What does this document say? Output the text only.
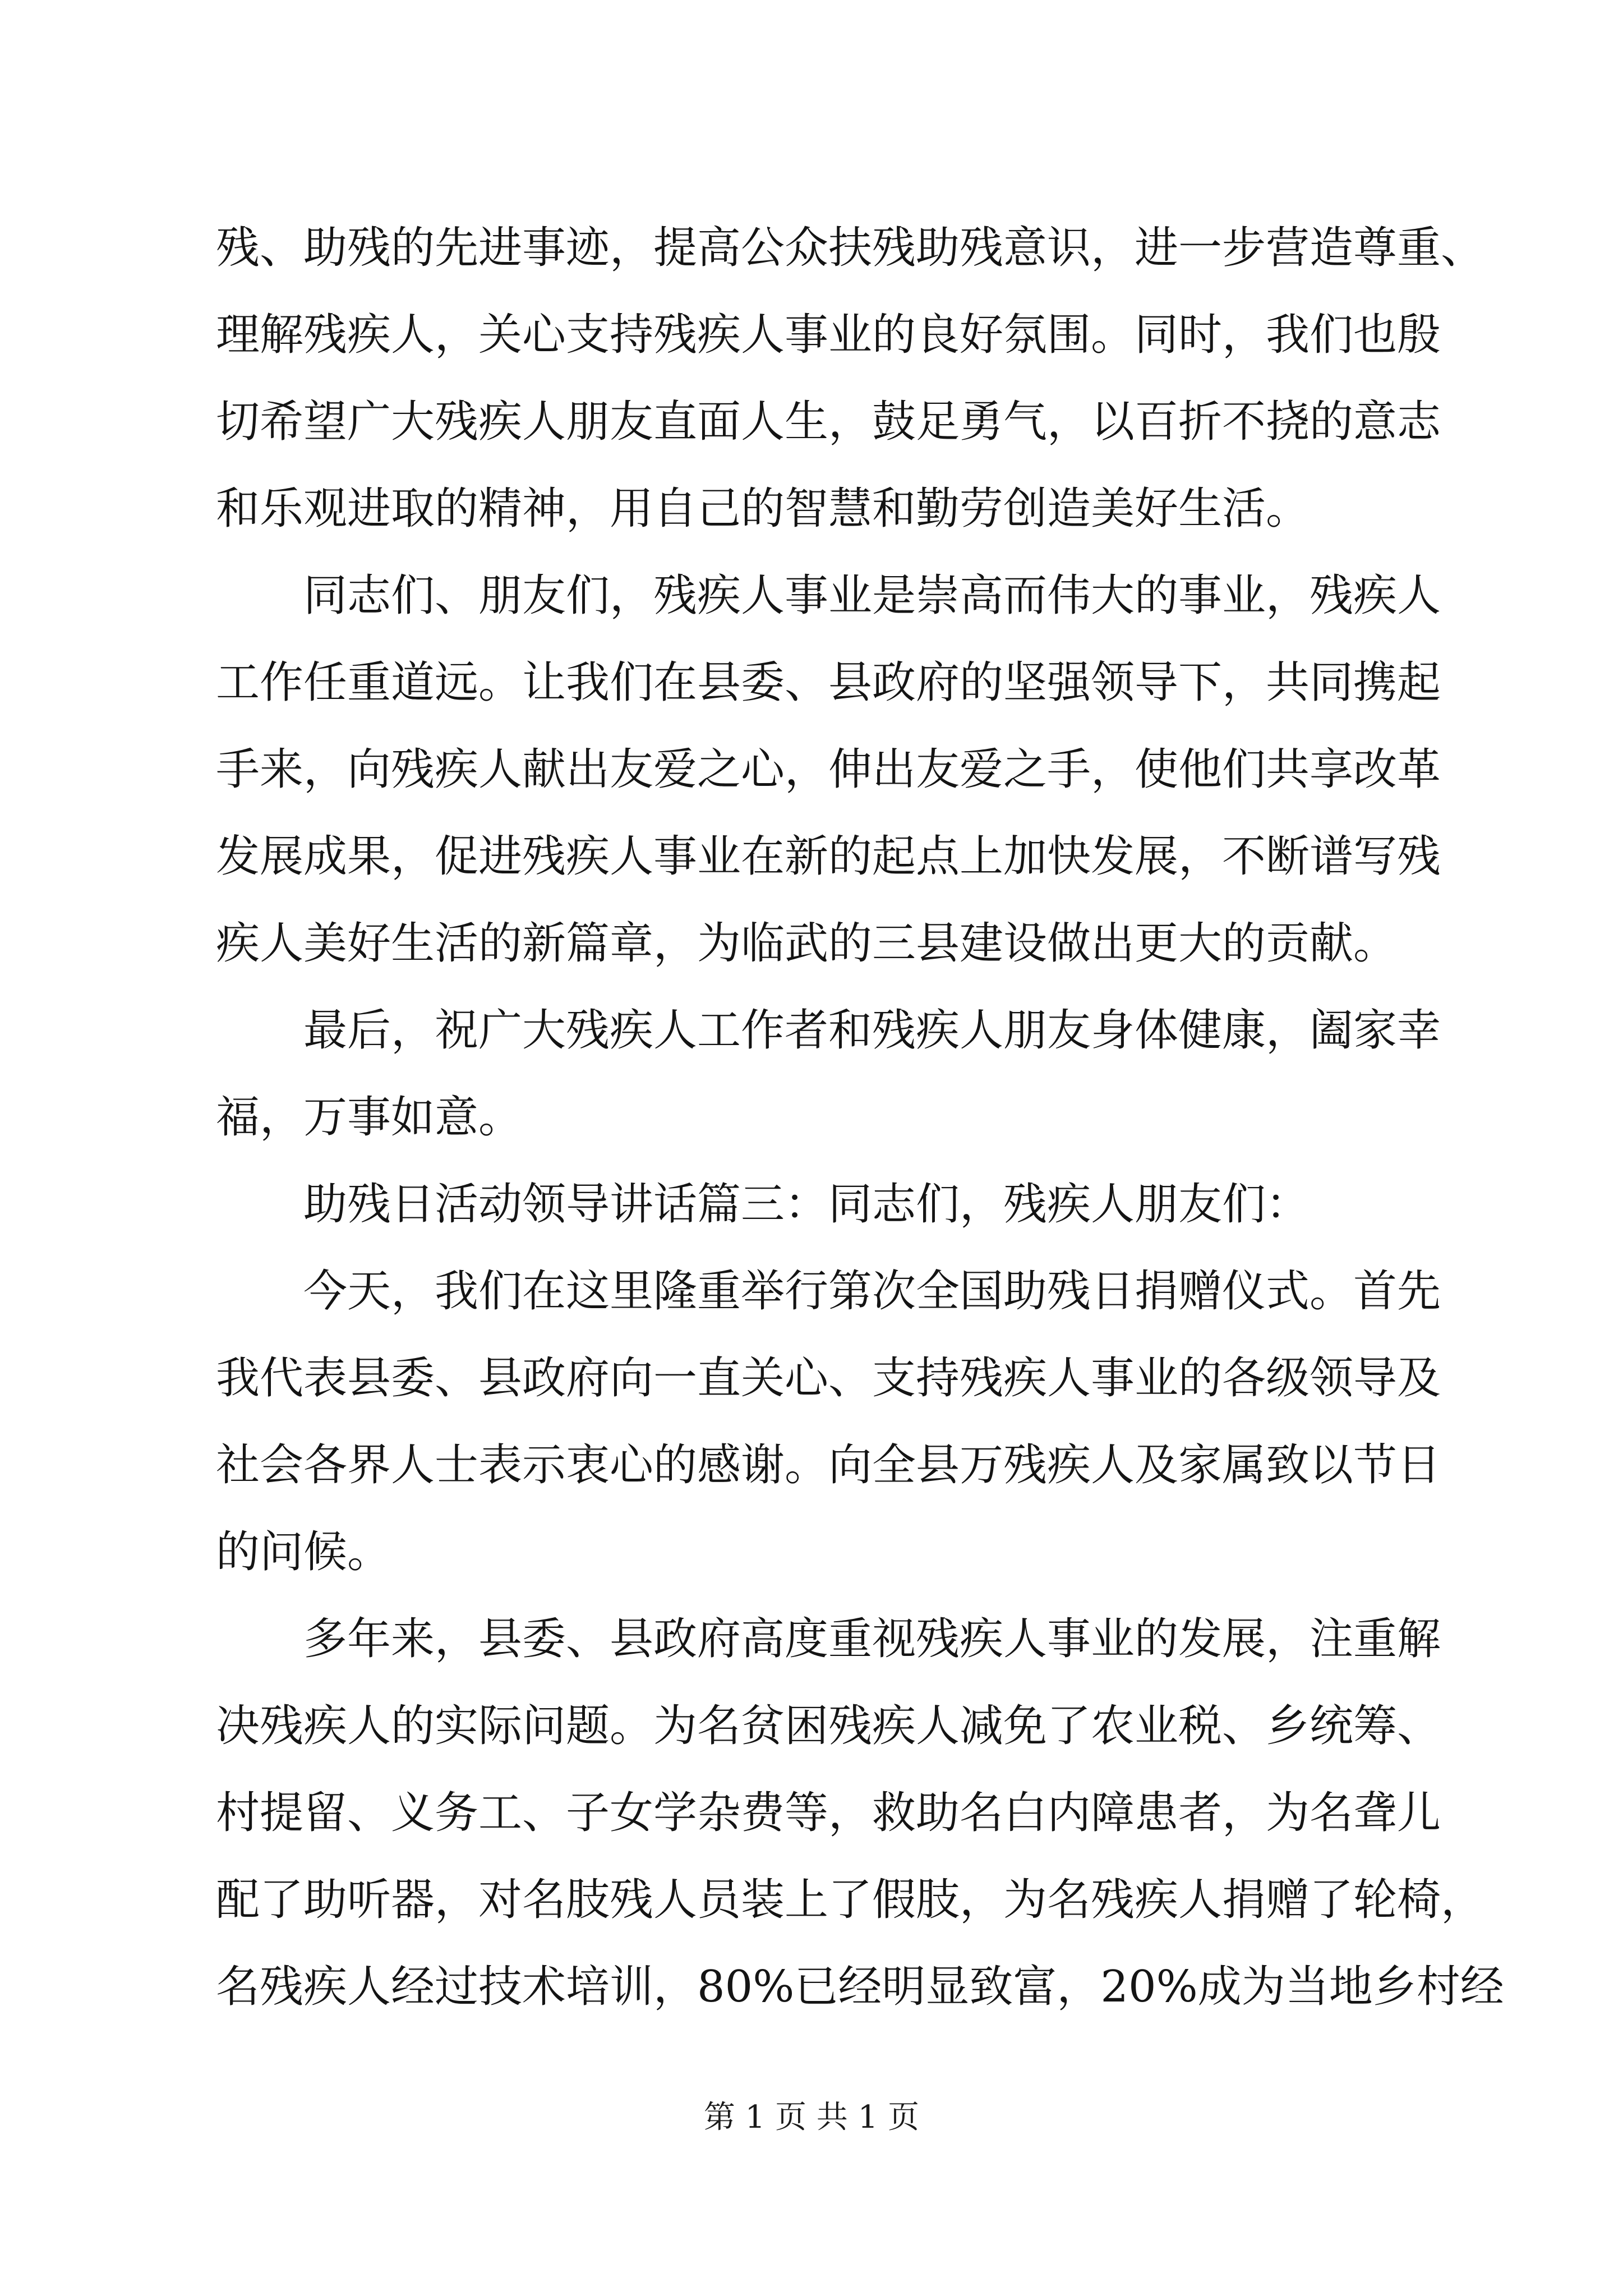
残、助残的先进事迹，提高公众扶残助残意识，进一步营造尊重、
理解残疾人，关心支持残疾人事业的良好氛围。同时，我们也殷
切希望广大残疾人朋友直面人生，鼓足勇气，以百折不挠的意志
和乐观进取的精神，用自己的智慧和勤劳创造美好生活。
同志们、朋友们，残疾人事业是崇高而伟大的事业，残疾人
工作任重道远。让我们在县委、县政府的坚强领导下，共同携起
手来，向残疾人献出友爱之心，伸出友爱之手，使他们共享改革
发展成果，促进残疾人事业在新的起点上加快发展，不断谱写残
疾人美好生活的新篇章，为临武的三县建设做出更大的贡献。
最后，祝广大残疾人工作者和残疾人朋友身体健康，阖家幸
福，万事如意。
助残日活动领导讲话篇三：同志们，残疾人朋友们：
今天，我们在这里隆重举行第次全国助残日捐赠仪式。首先
我代表县委、县政府向一直关心、支持残疾人事业的各级领导及
社会各界人士表示衷心的感谢。向全县万残疾人及家属致以节日
的问候。
多年来，县委、县政府高度重视残疾人事业的发展，注重解
决残疾人的实际问题。为名贫困残疾人减免了农业税、乡统筹、
村提留、义务工、子女学杂费等，救助名白内障患者，为名聋儿
配了助听器，对名肢残人员装上了假肢，为名残疾人捐赠了轮椅，
名残疾人经过技术培训，80%已经明显致富，20%成为当地乡村经
第 1 页 共 1 页
